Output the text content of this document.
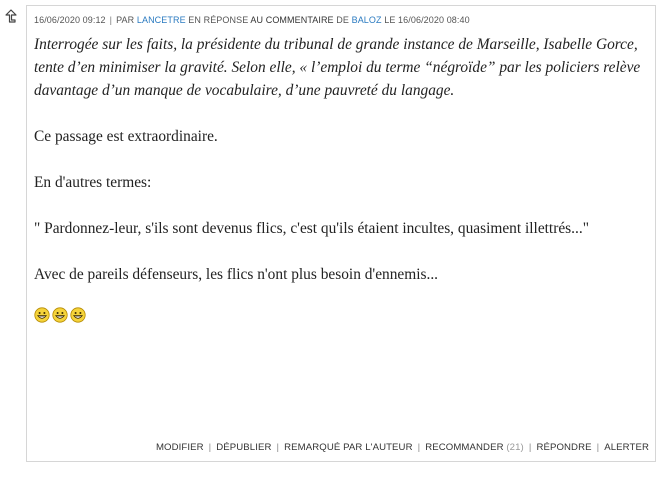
16/06/2020 09:12 | PAR LANCETRE EN RÉPONSE AU COMMENTAIRE DE BALOZ LE 16/06/2020 08:40

Interrogée sur les faits, la présidente du tribunal de grande instance de Marseille, Isabelle Gorce, tente d’en minimiser la gravité. Selon elle, « l’emploi du terme “négroïde” par les policiers relève davantage d’un manque de vocabulaire, d’une pauvreté du langage.

Ce passage est extraordinaire.

En d'autres termes:

" Pardonnez-leur, s'ils sont devenus flics, c'est qu'ils étaient incultes, quasiment illettrés..."

Avec de pareils défenseurs, les flics n'ont plus besoin d'ennemis...

MODIFIER | DÉPUBLIER | REMARQUÉ PAR L'AUTEUR | RECOMMANDER (21) | RÉPONDRE | ALERTER
